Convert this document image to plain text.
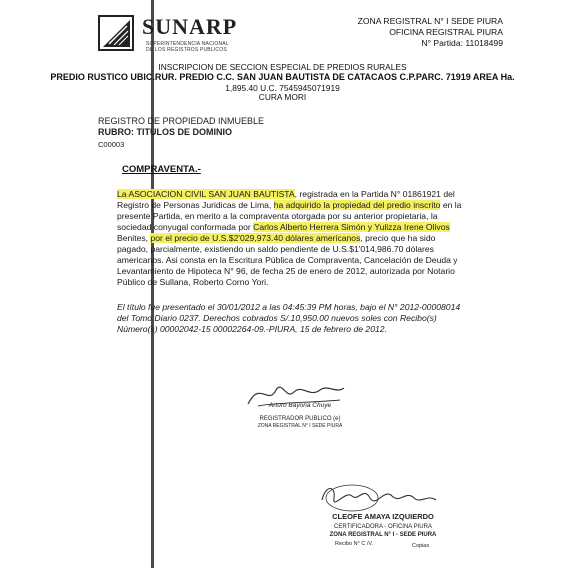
SUNARP
SUPERINTENDENCIA NACIONAL
DE LOS REGISTROS PUBLICOS
ZONA REGISTRAL N° I SEDE PIURA
OFICINA REGISTRAL PIURA
N° Partida: 11018499
INSCRIPCION DE SECCION ESPECIAL DE PREDIOS RURALES
PREDIO RUSTICO UBIC.RUR. PREDIO C.C. SAN JUAN BAUTISTA DE CATACAOS C.P.PARC. 71919 AREA Ha.
1,895.40 U.C. 7545945071919
CURA MORI
REGISTRO DE PROPIEDAD INMUEBLE
RUBRO: TITULOS DE DOMINIO
C00003
COMPRAVENTA.-
La ASOCIACION CIVIL SAN JUAN BAUTISTA, registrada en la Partida N° 01861921 del
Registro de Personas Juridicas de Lima, ha adquirido la propiedad del predio inscrito en la
presente Partida, en merito a la compraventa otorgada por su anterior propietaria, la
sociedad conyugal conformada por Carlos Alberto Herrera Simón y Yulizza Irene Olivos
Benites, por el precio de U.S.$2'029,973.40 dólares americanos, precio que ha sido
pagado, parcialmente, existiendo un saldo pendiente de U.S.$1'014,986.70 dólares
americanos. Asi consta en la Escritura Pública de Compraventa, Cancelación de Deuda y
Levantamiento de Hipoteca N° 96, de fecha 25 de enero de 2012, autorizada por Notario
Público de Sullana, Roberto Corno Yori.
El título fue presentado el 30/01/2012 a las 04:45:39 PM horas, bajo el N° 2012-00008014
del Tomo Diario 0237. Derechos cobrados S/.10,950.00 nuevos soles con Recibo(s)
Número(s) 00002042-15 00002264-09.-PIURA, 15 de febrero de 2012.
Arturo Bayona Chuye
REGISTRADOR PUBLICO (e)
ZONA REGISTRAL N° I SEDE PIURA
CLEOFE AMAYA IZQUIERDO
CERTIFICADORA - OFICINA PIURA
ZONA REGISTRAL N° I - SEDE PIURA
Recibo N° C /V.	Copias
